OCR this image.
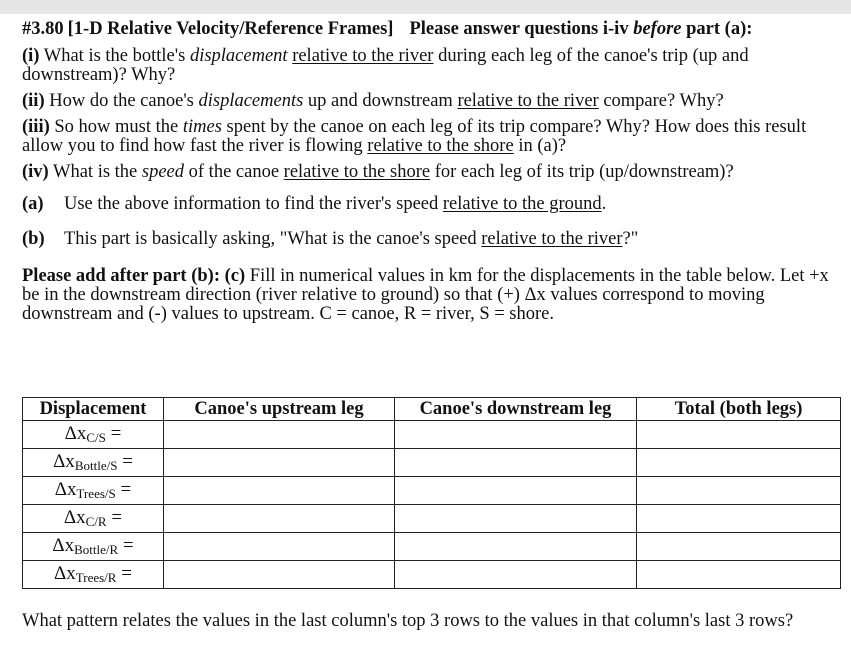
#3.80 [1-D Relative Velocity/Reference Frames] Please answer questions i-iv before part (a):

(i) What is the bottle's displacement relative to the river during each leg of the canoe's trip (up and downstream)? Why?

(ii) How do the canoe's displacements up and downstream relative to the river compare? Why?

(iii) So how must the times spent by the canoe on each leg of its trip compare? Why? How does this result allow you to find how fast the river is flowing relative to the shore in (a)?

(iv) What is the speed of the canoe relative to the shore for each leg of its trip (up/downstream)?

(a) Use the above information to find the river's speed relative to the ground.

(b) This part is basically asking, "What is the canoe's speed relative to the river?"

Please add after part (b): (c) Fill in numerical values in km for the displacements in the table below. Let +x be in the downstream direction (river relative to ground) so that (+) Δx values correspond to moving downstream and (-) values to upstream. C = canoe, R = river, S = shore.

Displacement	Canoe's upstream leg	Canoe's downstream leg	Total (both legs)
$\Delta x_{C/S}$ =			
$\Delta x_{Bottle/S}$ =			
$\Delta x_{Trees/S}$ =			
$\Delta x_{C/R}$ =			
$\Delta x_{Bottle/R}$ =			
$\Delta x_{Trees/R}$ =			

What pattern relates the values in the last column's top 3 rows to the values in that column's last 3 rows?
